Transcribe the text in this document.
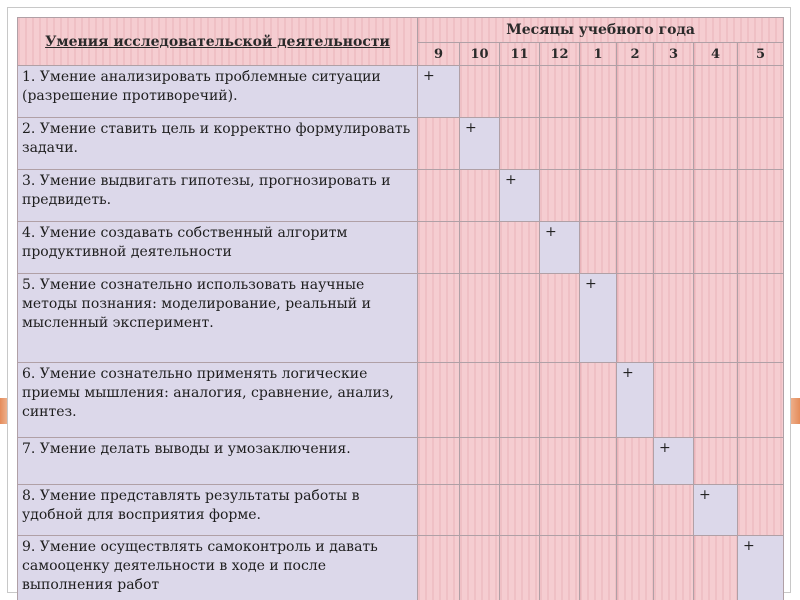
Умения исследовательской деятельности	Месяцы учебного года								
	9	10	11	12	1	2	3	4	5
1. Умение анализировать проблемные ситуации (разрешение противоречий).	+								
2. Умение ставить цель и корректно формулировать задачи.		+							
3. Умение выдвигать гипотезы, прогнозировать и предвидеть.			+						
4. Умение создавать собственный алгоритм продуктивной деятельности				+					
5. Умение сознательно использовать научные методы познания: моделирование, реальный и мысленный эксперимент.					+				
6. Умение сознательно применять логические приемы мышления: аналогия, сравнение, анализ, синтез.						+			
7. Умение делать выводы и умозаключения.							+		
8. Умение представлять результаты работы в удобной для восприятия форме.								+	
9. Умение осуществлять самоконтроль и давать самооценку деятельности в ходе и после выполнения работ									+
